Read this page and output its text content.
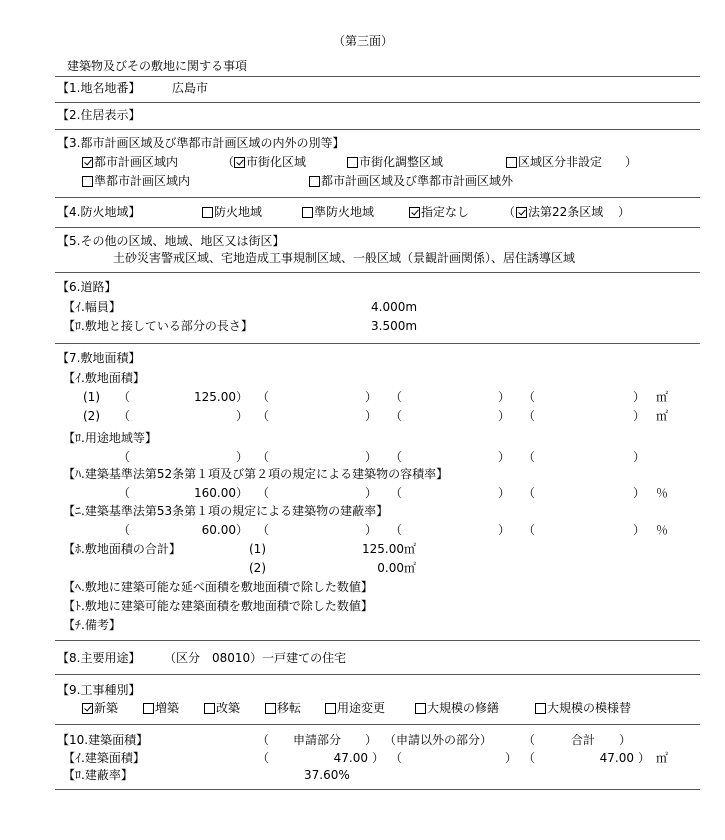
（第三面）
建築物及びその敷地に関する事項
【1.地名地番】	広島市
【2.住居表示】
【3.都市計画区域及び準都市計画区域の内外の別等】
都市計画区域内	（ 市街化区域	市街化調整区域	区域区分非設定 ）
準都市計画区域内	都市計画区域及び準都市計画区域外
【4.防火地域】	防火地域	準防火地域	指定なし	（	法第22条区域 ）
【5.その他の区域、地域、地区又は街区】
土砂災害警戒区域、宅地造成工事規制区域、一般区域（景観計画関係）、居住誘導区域
【6.道路】
【ｲ.幅員】	4.000m
【ﾛ.敷地と接している部分の長さ】	3.500m
【7.敷地面積】
【ｲ.敷地面積】
(1) （	125.00 ） （	） （	） （	） ㎡
(2) （	） （	） （	） （	） ㎡
【ﾛ.用途地域等】
（	） （	） （	） （	）
【ﾊ.建築基準法第52条第１項及び第２項の規定による建築物の容積率】
（	160.00 ） （	） （	） （	） ％
【ﾆ.建築基準法第53条第１項の規定による建築物の建蔽率】
（	60.00 ） （	） （	） （	） ％
【ﾎ.敷地面積の合計】	(1)	125.00㎡
(2)	0.00㎡
【ﾍ.敷地に建築可能な延べ面積を敷地面積で除した数値】
【ﾄ.敷地に建築可能な建築面積を敷地面積で除した数値】
【ﾁ.備考】
【8.主要用途】 （区分　08010）一戸建ての住宅
【9.工事種別】
新築	増築	改築	移転	用途変更	大規模の修繕	大規模の模様替
【10.建築面積】	（　　申請部分　　） （申請以外の部分）	（　　　合計　　）
【ｲ.建築面積】	（	47.00 ） （	） （	47.00 ） ㎡
【ﾛ.建蔽率】	37.60%
